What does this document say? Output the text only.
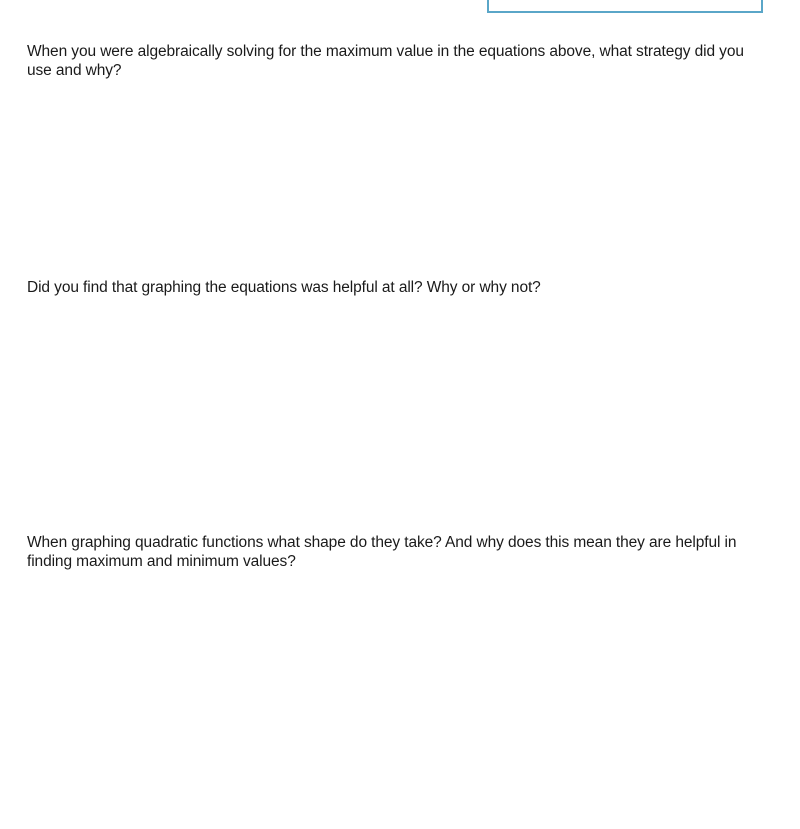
When you were algebraically solving for the maximum value in the equations above, what strategy did you use and why?

Did you find that graphing the equations was helpful at all? Why or why not?

When graphing quadratic functions what shape do they take? And why does this mean they are helpful in finding maximum and minimum values?
